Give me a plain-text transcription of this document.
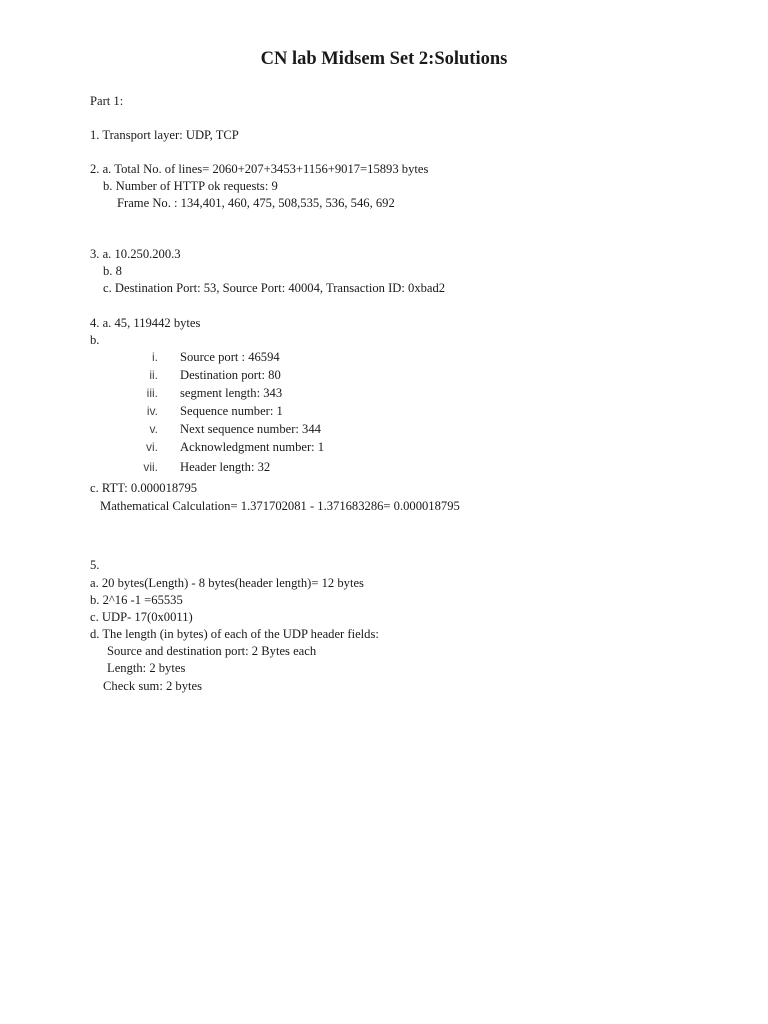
CN lab Midsem Set 2:Solutions
Part 1:
1. Transport layer: UDP, TCP
2. a. Total No. of lines= 2060+207+3453+1156+9017=15893 bytes
b. Number of HTTP ok requests: 9
Frame No. : 134,401, 460, 475, 508,535, 536, 546, 692
3. a. 10.250.200.3
b. 8
c. Destination Port: 53, Source Port: 40004, Transaction ID: 0xbad2
4. a. 45, 119442 bytes
b.
i. Source port : 46594
ii. Destination port: 80
iii. segment length: 343
iv. Sequence number: 1
v. Next sequence number: 344
vi. Acknowledgment number: 1
vii. Header length: 32
c. RTT: 0.000018795
Mathematical Calculation= 1.371702081 - 1.371683286= 0.000018795
5.
a. 20 bytes(Length) - 8 bytes(header length)= 12 bytes
b. 2^16 -1 =65535
c. UDP- 17(0x0011)
d. The length (in bytes) of each of the UDP header fields:
Source and destination port: 2 Bytes each
Length: 2 bytes
Check sum: 2 bytes
